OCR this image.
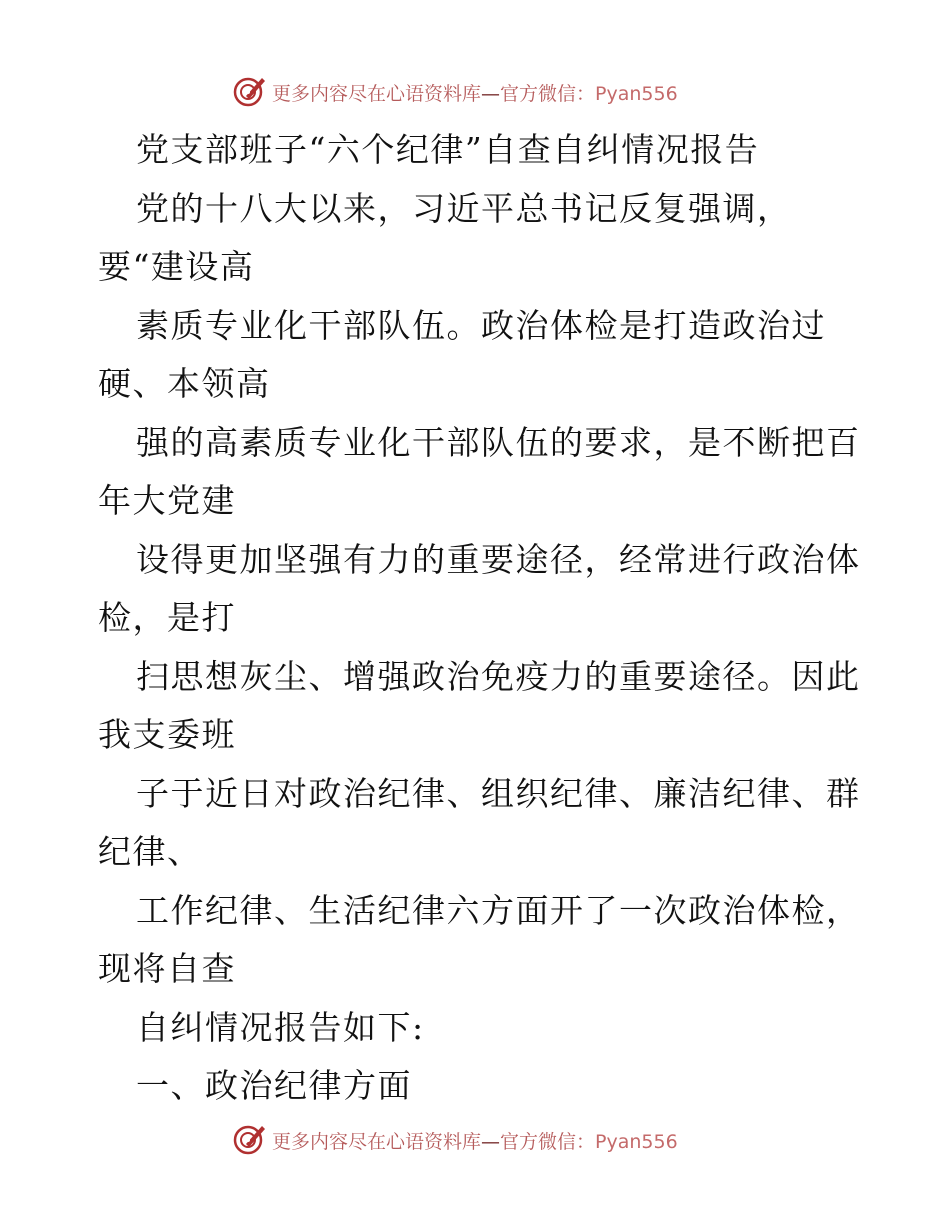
更多内容尽在心语资料库—官方微信：Pyan556
党支部班子“六个纪律”自查自纠情况报告
党的十八大以来，习近平总书记反复强调，
要“建设高
素质专业化干部队伍。政治体检是打造政治过
硬、本领高
强的高素质专业化干部队伍的要求，是不断把百
年大党建
设得更加坚强有力的重要途径，经常进行政治体
检，是打
扫思想灰尘、增强政治免疫力的重要途径。因此
我支委班
子于近日对政治纪律、组织纪律、廉洁纪律、群
纪律、
工作纪律、生活纪律六方面开了一次政治体检，
现将自查
自纠情况报告如下:
一、政治纪律方面
更多内容尽在心语资料库—官方微信：Pyan556
